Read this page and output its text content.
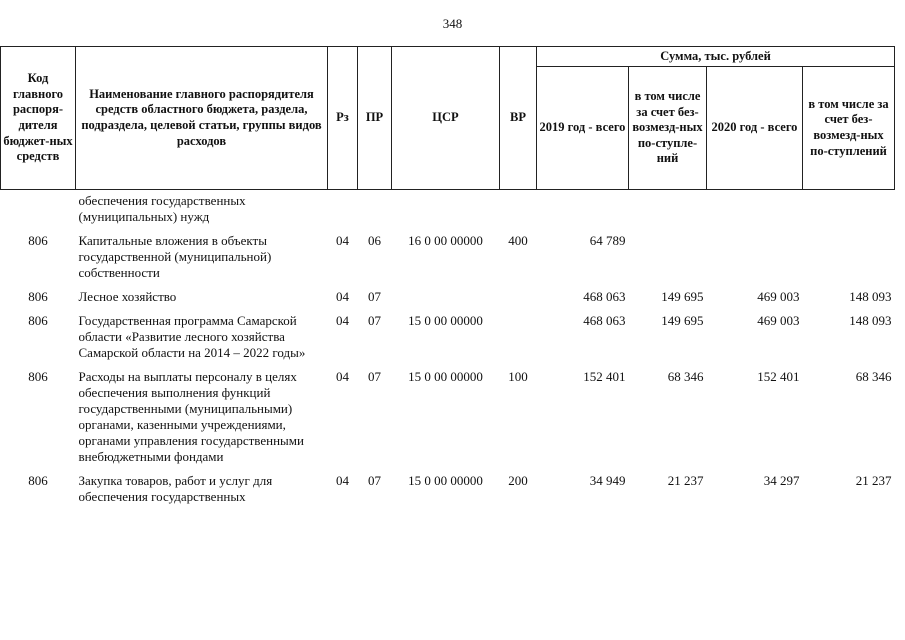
348
Код главного распоря-дителя бюджет-ных средств	Наименование главного распорядителя средств областного бюджета, раздела, подраздела, целевой статьи, группы видов расходов	Рз	ПР	ЦСР	ВР	Сумма, тыс. рублей			
						2019 год - всего	в том числе за счет без-возмезд-ных по-ступле-ний	2020 год - всего	в том числе за счет без-возмезд-ных по-ступлений
	обеспечения государственных (муниципальных) нужд								
806	Капитальные вложения в объекты государственной (муниципальной) собственности	04	06	16 0 00 00000	400	64 789			
806	Лесное хозяйство	04	07			468 063	149 695	469 003	148 093
806	Государственная программа Самарской области «Развитие лесного хозяйства Самарской области на 2014 – 2022 годы»	04	07	15 0 00 00000		468 063	149 695	469 003	148 093
806	Расходы на выплаты персоналу в целях обеспечения выполнения функций государственными (муниципальными) органами, казенными учреждениями, органами управления государственными внебюджетными фондами	04	07	15 0 00 00000	100	152 401	68 346	152 401	68 346
806	Закупка товаров, работ и услуг для обеспечения государственных	04	07	15 0 00 00000	200	34 949	21 237	34 297	21 237
